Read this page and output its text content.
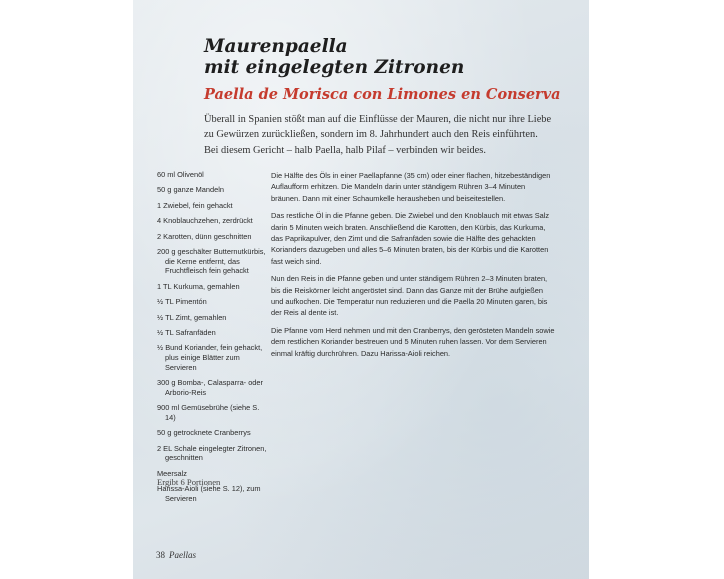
Maurenpaella
mit eingelegten Zitronen
Paella de Morisca con Limones en Conserva

Überall in Spanien stößt man auf die Einflüsse der Mauren, die nicht nur ihre Liebe zu Gewürzen zurückließen, sondern im 8. Jahrhundert auch den Reis einführten. Bei diesem Gericht – halb Paella, halb Pilaf – verbinden wir beides.

60 ml Olivenöl
50 g ganze Mandeln
1 Zwiebel, fein gehackt
4 Knoblauchzehen, zerdrückt
2 Karotten, dünn geschnitten
200 g geschälter Butternutkürbis, die Kerne entfernt, das Fruchtfleisch fein gehackt
1 TL Kurkuma, gemahlen
½ TL Pimentón
½ TL Zimt, gemahlen
½ TL Safranfäden
½ Bund Koriander, fein gehackt, plus einige Blätter zum Servieren
300 g Bomba-, Calasparra- oder Arborio-Reis
900 ml Gemüsebrühe (siehe S. 14)
50 g getrocknete Cranberrys
2 EL Schale eingelegter Zitronen, geschnitten
Meersalz
Harissa-Aioli (siehe S. 12), zum Servieren

Ergibt 6 Portionen

Die Hälfte des Öls in einer Paellapfanne (35 cm) oder einer flachen, hitzebeständigen Auflaufform erhitzen. Die Mandeln darin unter ständigem Rühren 3–4 Minuten bräunen. Dann mit einer Schaumkelle herausheben und beiseitestellen.

Das restliche Öl in die Pfanne geben. Die Zwiebel und den Knoblauch mit etwas Salz darin 5 Minuten weich braten. Anschließend die Karotten, den Kürbis, das Kurkuma, das Paprikapulver, den Zimt und die Safranfäden sowie die Hälfte des gehackten Korianders dazugeben und alles 5–6 Minuten braten, bis der Kürbis und die Karotten fast weich sind.

Nun den Reis in die Pfanne geben und unter ständigem Rühren 2–3 Minuten braten, bis die Reiskörner leicht angeröstet sind. Dann das Ganze mit der Brühe aufgießen und aufkochen. Die Temperatur nun reduzieren und die Paella 20 Minuten garen, bis der Reis al dente ist.

Die Pfanne vom Herd nehmen und mit den Cranberrys, den gerösteten Mandeln sowie dem restlichen Koriander bestreuen und 5 Minuten ruhen lassen. Vor dem Servieren einmal kräftig durchrühren. Dazu Harissa-Aioli reichen.

38 Paellas
